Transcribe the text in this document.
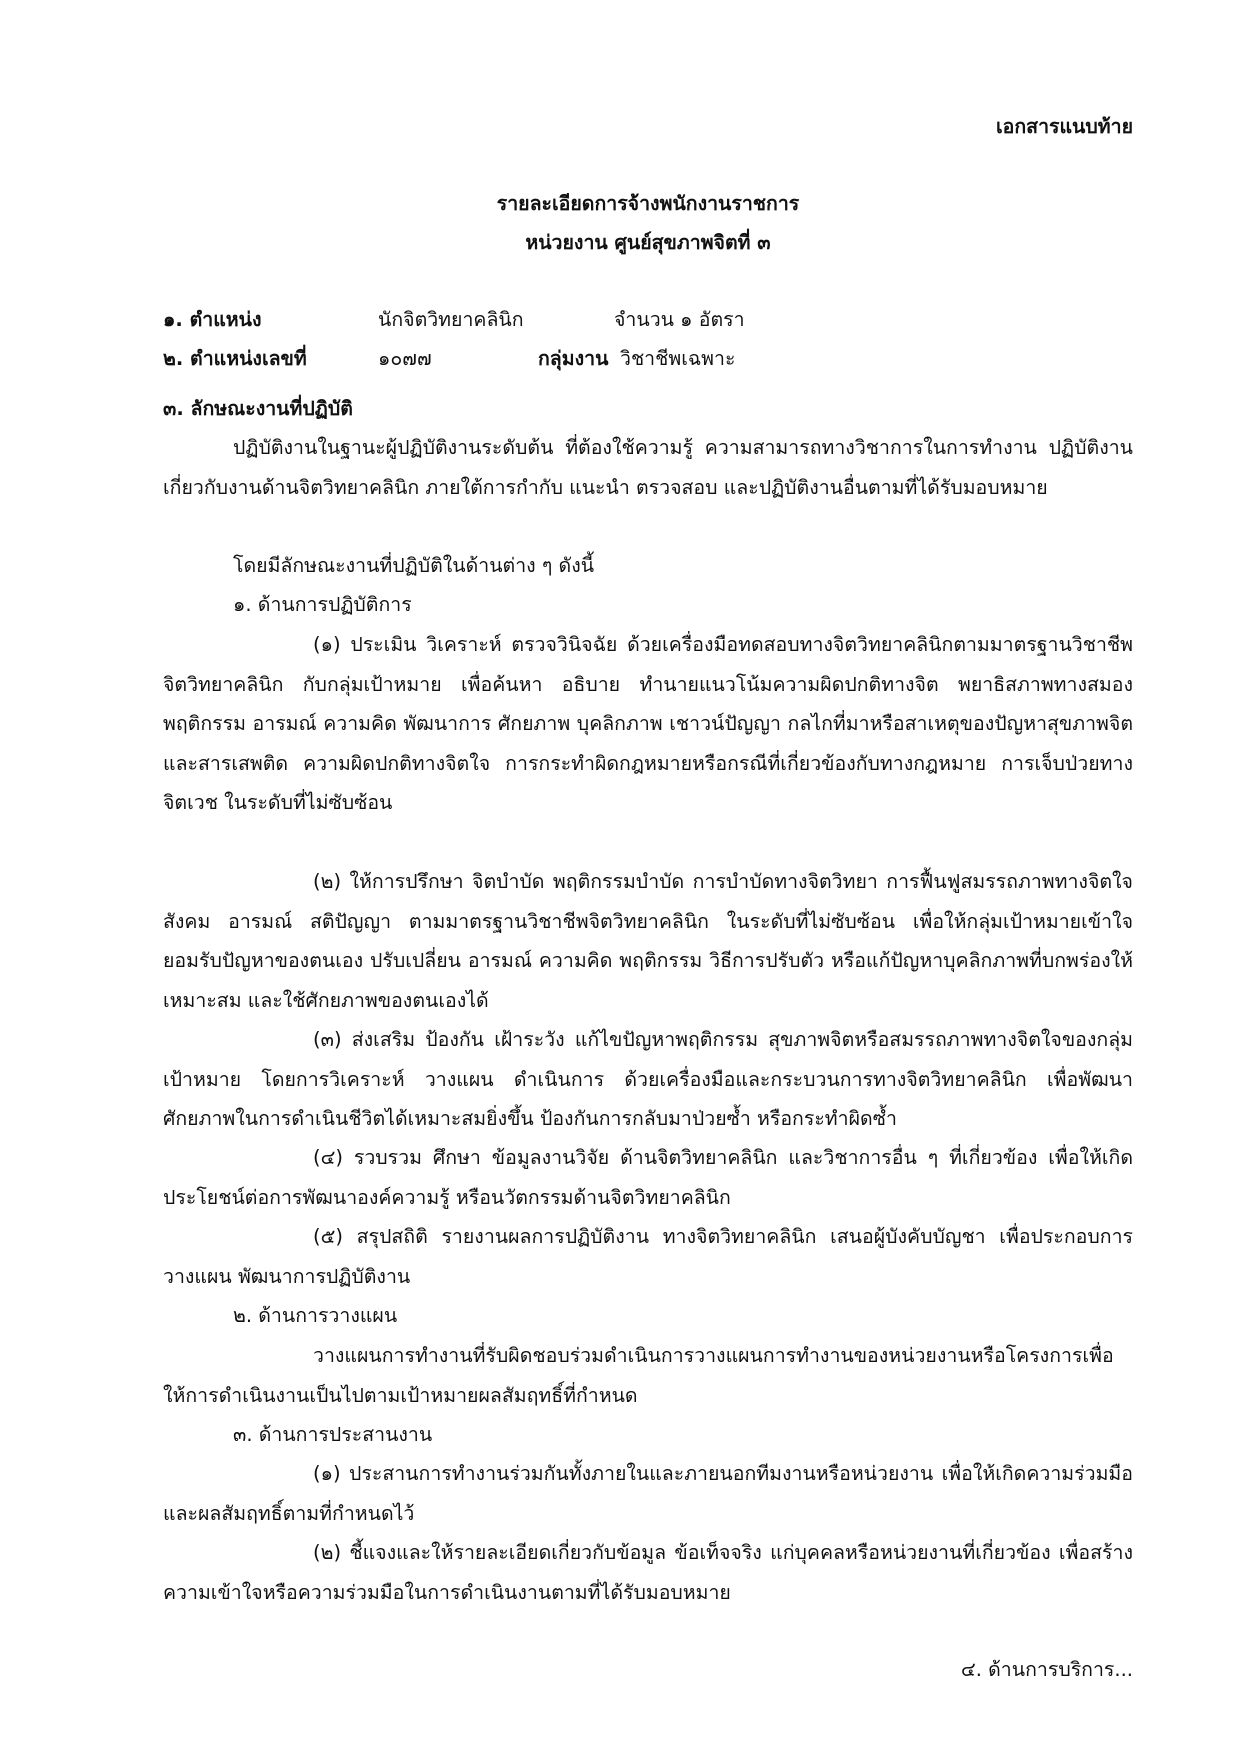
เอกสารแนบท้าย

รายละเอียดการจ้างพนักงานราชการ

หน่วยงาน ศูนย์สุขภาพจิตที่ ๓

๑. ตำแหน่ง	นักจิตวิทยาคลินิก	จำนวน ๑ อัตรา
๒. ตำแหน่งเลขที่	๑๐๗๗	กลุ่มงาน วิชาชีพเฉพาะ

๓. ลักษณะงานที่ปฏิบัติ

ปฏิบัติงานในฐานะผู้ปฏิบัติงานระดับต้น ที่ต้องใช้ความรู้ ความสามารถทางวิชาการในการทำงาน ปฏิบัติงานเกี่ยวกับงานด้านจิตวิทยาคลินิก ภายใต้การกำกับ แนะนำ ตรวจสอบ และปฏิบัติงานอื่นตามที่ได้รับมอบหมาย

โดยมีลักษณะงานที่ปฏิบัติในด้านต่าง ๆ ดังนี้

๑. ด้านการปฏิบัติการ

(๑) ประเมิน วิเคราะห์ ตรวจวินิจฉัย ด้วยเครื่องมือทดสอบทางจิตวิทยาคลินิกตามมาตรฐานวิชาชีพจิตวิทยาคลินิก กับกลุ่มเป้าหมาย เพื่อค้นหา อธิบาย ทำนายแนวโน้มความผิดปกติทางจิต พยาธิสภาพทางสมอง พฤติกรรม อารมณ์ ความคิด พัฒนาการ ศักยภาพ บุคลิกภาพ เชาวน์ปัญญา กลไกที่มาหรือสาเหตุของปัญหาสุขภาพจิตและสารเสพติด ความผิดปกติทางจิตใจ การกระทำผิดกฎหมายหรือกรณีที่เกี่ยวข้องกับทางกฎหมาย การเจ็บป่วยทางจิตเวช ในระดับที่ไม่ซับซ้อน

(๒) ให้การปรึกษา จิตบำบัด พฤติกรรมบำบัด การบำบัดทางจิตวิทยา การฟื้นฟูสมรรถภาพทางจิตใจ สังคม อารมณ์ สติปัญญา ตามมาตรฐานวิชาชีพจิตวิทยาคลินิก ในระดับที่ไม่ซับซ้อน เพื่อให้กลุ่มเป้าหมายเข้าใจ ยอมรับปัญหาของตนเอง ปรับเปลี่ยน อารมณ์ ความคิด พฤติกรรม วิธีการปรับตัว หรือแก้ปัญหาบุคลิกภาพที่บกพร่องให้เหมาะสม และใช้ศักยภาพของตนเองได้

(๓) ส่งเสริม ป้องกัน เฝ้าระวัง แก้ไขปัญหาพฤติกรรม สุขภาพจิตหรือสมรรถภาพทางจิตใจของกลุ่มเป้าหมาย โดยการวิเคราะห์ วางแผน ดำเนินการ ด้วยเครื่องมือและกระบวนการทางจิตวิทยาคลินิก เพื่อพัฒนาศักยภาพในการดำเนินชีวิตได้เหมาะสมยิ่งขึ้น ป้องกันการกลับมาป่วยซ้ำ หรือกระทำผิดซ้ำ

(๔) รวบรวม ศึกษา ข้อมูลงานวิจัย ด้านจิตวิทยาคลินิก และวิชาการอื่น ๆ ที่เกี่ยวข้อง เพื่อให้เกิดประโยชน์ต่อการพัฒนาองค์ความรู้ หรือนวัตกรรมด้านจิตวิทยาคลินิก

(๕) สรุปสถิติ รายงานผลการปฏิบัติงาน ทางจิตวิทยาคลินิก เสนอผู้บังคับบัญชา เพื่อประกอบการวางแผน พัฒนาการปฏิบัติงาน

๒. ด้านการวางแผน

วางแผนการทำงานที่รับผิดชอบร่วมดำเนินการวางแผนการทำงานของหน่วยงานหรือโครงการเพื่อให้การดำเนินงานเป็นไปตามเป้าหมายผลสัมฤทธิ์ที่กำหนด

๓. ด้านการประสานงาน

(๑) ประสานการทำงานร่วมกันทั้งภายในและภายนอกทีมงานหรือหน่วยงาน เพื่อให้เกิดความร่วมมือและผลสัมฤทธิ์ตามที่กำหนดไว้

(๒) ชี้แจงและให้รายละเอียดเกี่ยวกับข้อมูล ข้อเท็จจริง แก่บุคคลหรือหน่วยงานที่เกี่ยวข้อง เพื่อสร้างความเข้าใจหรือความร่วมมือในการดำเนินงานตามที่ได้รับมอบหมาย

๔. ด้านการบริการ...
